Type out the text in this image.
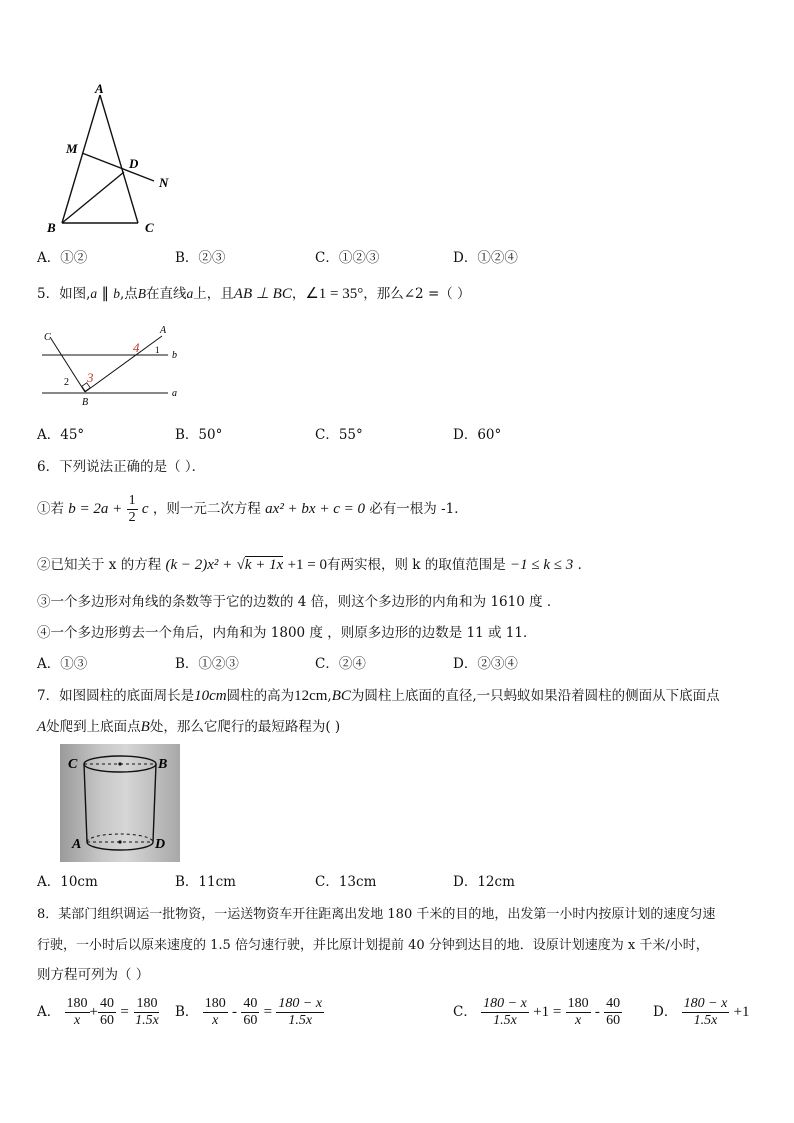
A
M
D
N
B	C
A．①②	B．②③	C．①②③	D．①②④
5．如图,a ∥ b,点B在直线a上，且AB ⊥ BC，∠1 = 35°，那么∠2 =（ ）
C
A
4 1 b
2 3
B
a
A．45°	B．50°	C．55°	D．60°
6．下列说法正确的是（ ）．
①若 $b = 2a + \frac{1}{2}$ c ，则一元二次方程 ax² + bx + c = 0 必有一根为 -1．
②已知关于 x 的方程 (k − 2)x² + √k + 1x +1 = 0有两实根，则 k 的取值范围是 −1 ≤ k ≤ 3 ．
③一个多边形对角线的条数等于它的边数的 4 倍，则这个多边形的内角和为 1610 度 ．
④一个多边形剪去一个角后，内角和为 1800 度 ，则原多边形的边数是 11 或 11．
A．①③	B．①②③	C．②④	D．②③④
7．如图圆柱的底面周长是10cm圆柱的高为12cm,BC为圆柱上底面的直径,一只蚂蚁如果沿着圆柱的侧面从下底面点
A处爬到上底面点B处，那么它爬行的最短路程为( )
C	B
A	D
A．10cm	B．11cm	C．13cm	D．12cm
8．某部门组织调运一批物资，一运送物资车开往距离出发地 180 千米的目的地，出发第一小时内按原计划的速度匀速
行驶，一小时后以原来速度的 1.5 倍匀速行驶，并比原计划提前 40 分钟到达目的地．设原计划速度为 x 千米/小时，
则方程可列为（ ）
A． $\frac{180}{x} + \frac{40}{60} = \frac{180}{1.5x}$ B． $\frac{180}{x} - \frac{40}{60} = \frac{180 - x}{1.5x}$	C． $\frac{180 - x}{1.5x} +1 = \frac{180}{x} - \frac{40}{60}$ D． $\frac{180 - x}{1.5x} +1$
